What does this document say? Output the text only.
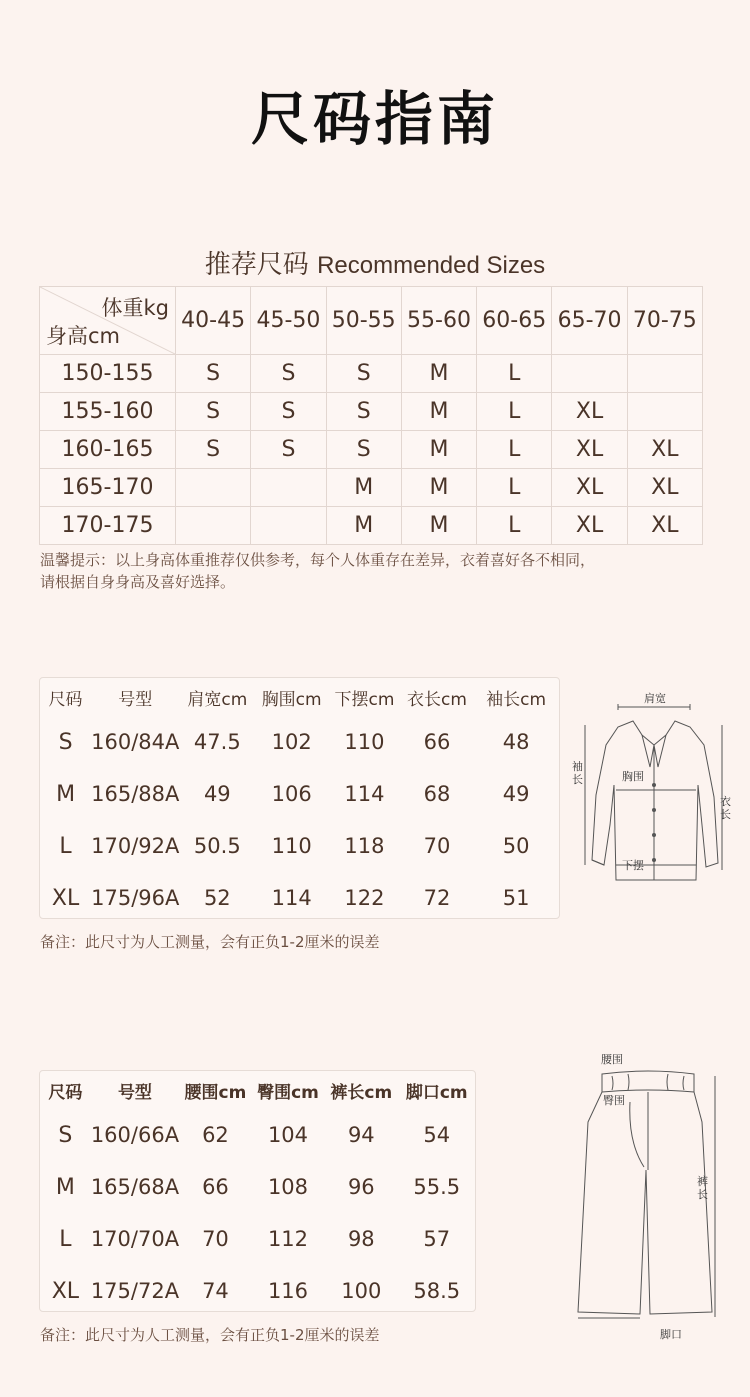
尺码指南
推荐尺码 Recommended Sizes
体重kg
身高cm	40-45	45-50	50-55	55-60	60-65	65-70	70-75
150-155	S	S	S	M	L		
155-160	S	S	S	M	L	XL	
160-165	S	S	S	M	L	XL	XL
165-170			M	M	L	XL	XL
170-175			M	M	L	XL	XL
温馨提示：以上身高体重推荐仅供参考，每个人体重存在差异，衣着喜好各不相同，
请根据自身身高及喜好选择。
尺码	号型	肩宽cm	胸围cm	下摆cm	衣长cm	袖长cm
S	160/84A	47.5	102	110	66	48
M	165/88A	49	106	114	68	49
L	170/92A	50.5	110	118	70	50
XL	175/96A	52	114	122	72	51
备注：此尺寸为人工测量，会有正负1-2厘米的误差
肩宽
胸围
下摆
袖长
衣长
尺码	号型	腰围cm	臀围cm	裤长cm	脚口cm
S	160/66A	62	104	94	54
M	165/68A	66	108	96	55.5
L	170/70A	70	112	98	57
XL	175/72A	74	116	100	58.5
备注：此尺寸为人工测量，会有正负1-2厘米的误差
腰围
臀围
裤长
脚口
